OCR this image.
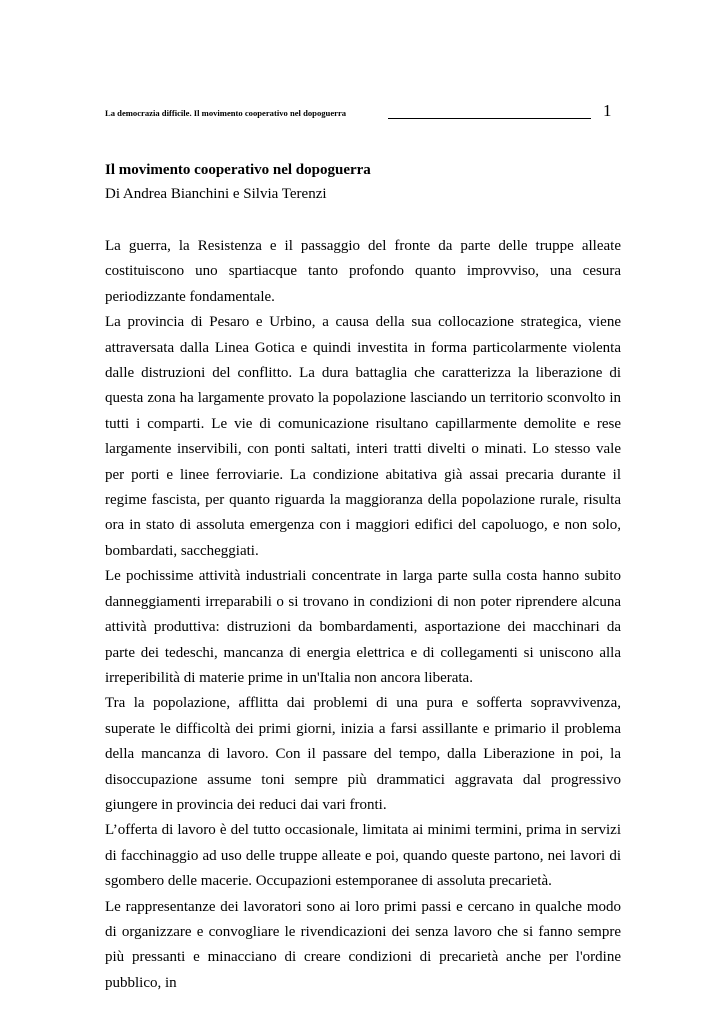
La democrazia difficile. Il movimento cooperativo nel dopoguerra	1
Il movimento cooperativo nel dopoguerra
Di Andrea Bianchini e Silvia Terenzi

La guerra, la Resistenza e il passaggio del fronte da parte delle truppe alleate costituiscono uno spartiacque tanto profondo quanto improvviso, una cesura periodizzante fondamentale.

La provincia di Pesaro e Urbino, a causa della sua collocazione strategica, viene attraversata dalla Linea Gotica e quindi investita in forma particolarmente violenta dalle distruzioni del conflitto. La dura battaglia che caratterizza la liberazione di questa zona ha largamente provato la popolazione lasciando un territorio sconvolto in tutti i comparti. Le vie di comunicazione risultano capillarmente demolite e rese largamente inservibili, con ponti saltati, interi tratti divelti o minati. Lo stesso vale per porti e linee ferroviarie. La condizione abitativa già assai precaria durante il regime fascista, per quanto riguarda la maggioranza della popolazione rurale, risulta ora in stato di assoluta emergenza con i maggiori edifici del capoluogo, e non solo, bombardati, saccheggiati.

Le pochissime attività industriali concentrate in larga parte sulla costa hanno subito danneggiamenti irreparabili o si trovano in condizioni di non poter riprendere alcuna attività produttiva: distruzioni da bombardamenti, asportazione dei macchinari da parte dei tedeschi, mancanza di energia elettrica e di collegamenti si uniscono alla irreperibilità di materie prime in un'Italia non ancora liberata.

Tra la popolazione, afflitta dai problemi di una pura e sofferta sopravvivenza, superate le difficoltà dei primi giorni, inizia a farsi assillante e primario il problema della mancanza di lavoro. Con il passare del tempo, dalla Liberazione in poi, la disoccupazione assume toni sempre più drammatici aggravata dal progressivo giungere in provincia dei reduci dai vari fronti.

L’offerta di lavoro è del tutto occasionale, limitata ai minimi termini, prima in servizi di facchinaggio ad uso delle truppe alleate e poi, quando queste partono, nei lavori di sgombero delle macerie. Occupazioni estemporanee di assoluta precarietà.

Le rappresentanze dei lavoratori sono ai loro primi passi e cercano in qualche modo di organizzare e convogliare le rivendicazioni dei senza lavoro che si fanno sempre più pressanti e minacciano di creare condizioni di precarietà anche per l'ordine pubblico, in
